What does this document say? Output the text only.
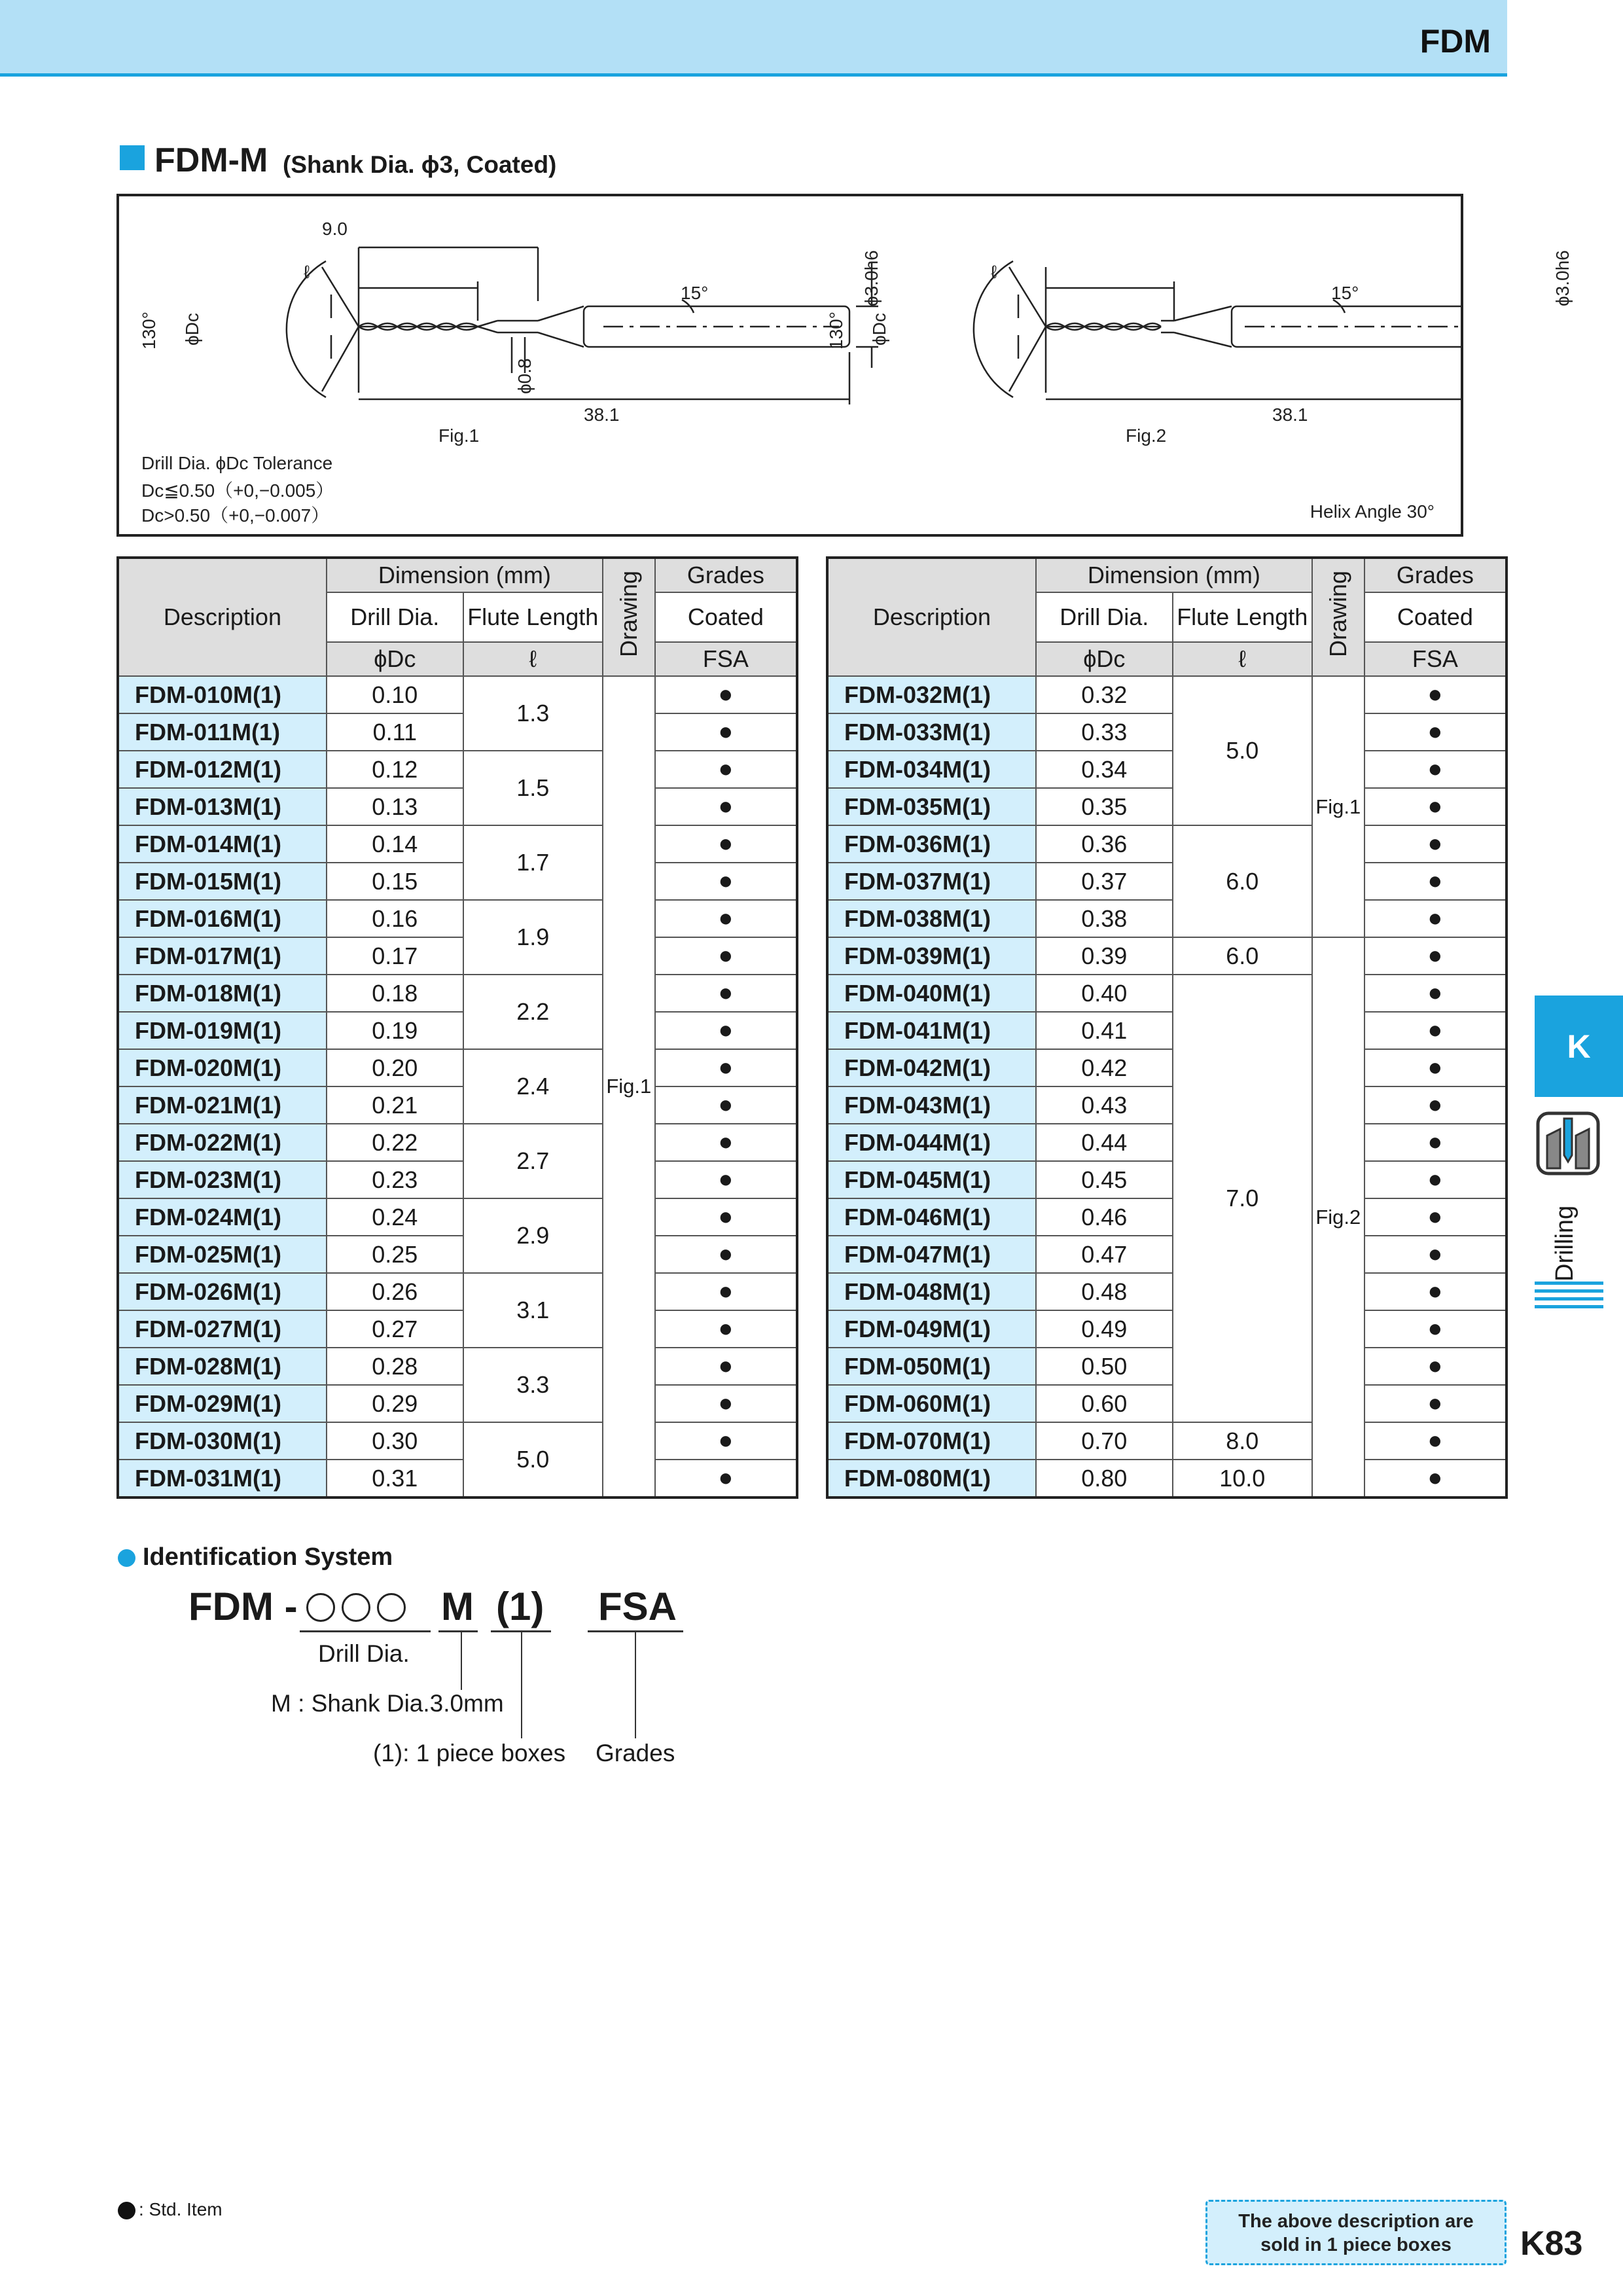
FDM
FDM-M (Shank Dia. ϕ3, Coated)
9.0
ℓ
38.1
15°
130° ϕDc
ϕ0.8
ϕ3.0h6
Fig.1
ℓ
38.1
15°
130° ϕDc
ϕ3.0h6
Fig.2
Drill Dia. ϕDc Tolerance
Dc≦0.50（+0,−0.005）
Dc>0.50（+0,−0.007）	Helix Angle 30°
Description	Dimension (mm)		Drawing	Grades
	Drill Dia.	Flute Length		Coated
	ϕDc	ℓ		FSA
FDM-010M(1)	0.10	1.3	Fig.1	●
FDM-011M(1)	0.11			●
FDM-012M(1)	0.12	1.5		●
FDM-013M(1)	0.13			●
FDM-014M(1)	0.14	1.7		●
FDM-015M(1)	0.15			●
FDM-016M(1)	0.16	1.9		●
FDM-017M(1)	0.17			●
FDM-018M(1)	0.18	2.2		●
FDM-019M(1)	0.19			●
FDM-020M(1)	0.20	2.4		●
FDM-021M(1)	0.21			●
FDM-022M(1)	0.22	2.7		●
FDM-023M(1)	0.23			●
FDM-024M(1)	0.24	2.9		●
FDM-025M(1)	0.25			●
FDM-026M(1)	0.26	3.1		●
FDM-027M(1)	0.27			●
FDM-028M(1)	0.28	3.3		●
FDM-029M(1)	0.29			●
FDM-030M(1)	0.30	5.0		●
FDM-031M(1)	0.31			●
Description	Dimension (mm)		Drawing	Grades
	Drill Dia.	Flute Length		Coated
	ϕDc	ℓ		FSA
FDM-032M(1)	0.32	5.0	Fig.1	●
FDM-033M(1)	0.33			●
FDM-034M(1)	0.34			●
FDM-035M(1)	0.35			●
FDM-036M(1)	0.36	6.0		●
FDM-037M(1)	0.37			●
FDM-038M(1)	0.38			●
FDM-039M(1)	0.39	6.0	Fig.2	●
FDM-040M(1)	0.40	7.0		●
FDM-041M(1)	0.41			●
FDM-042M(1)	0.42			●
FDM-043M(1)	0.43			●
FDM-044M(1)	0.44			●
FDM-045M(1)	0.45			●
FDM-046M(1)	0.46			●
FDM-047M(1)	0.47			●
FDM-048M(1)	0.48			●
FDM-049M(1)	0.49			●
FDM-050M(1)	0.50			●
FDM-060M(1)	0.60			●
FDM-070M(1)	0.70	8.0		●
FDM-080M(1)	0.80	10.0		●
Identification System
FDM -	M (1) FSA
Drill Dia.
M : Shank Dia.3.0mm
(1): 1 piece boxes Grades
K
Drilling
: Std. Item
The above description are
sold in 1 piece boxes	K83
